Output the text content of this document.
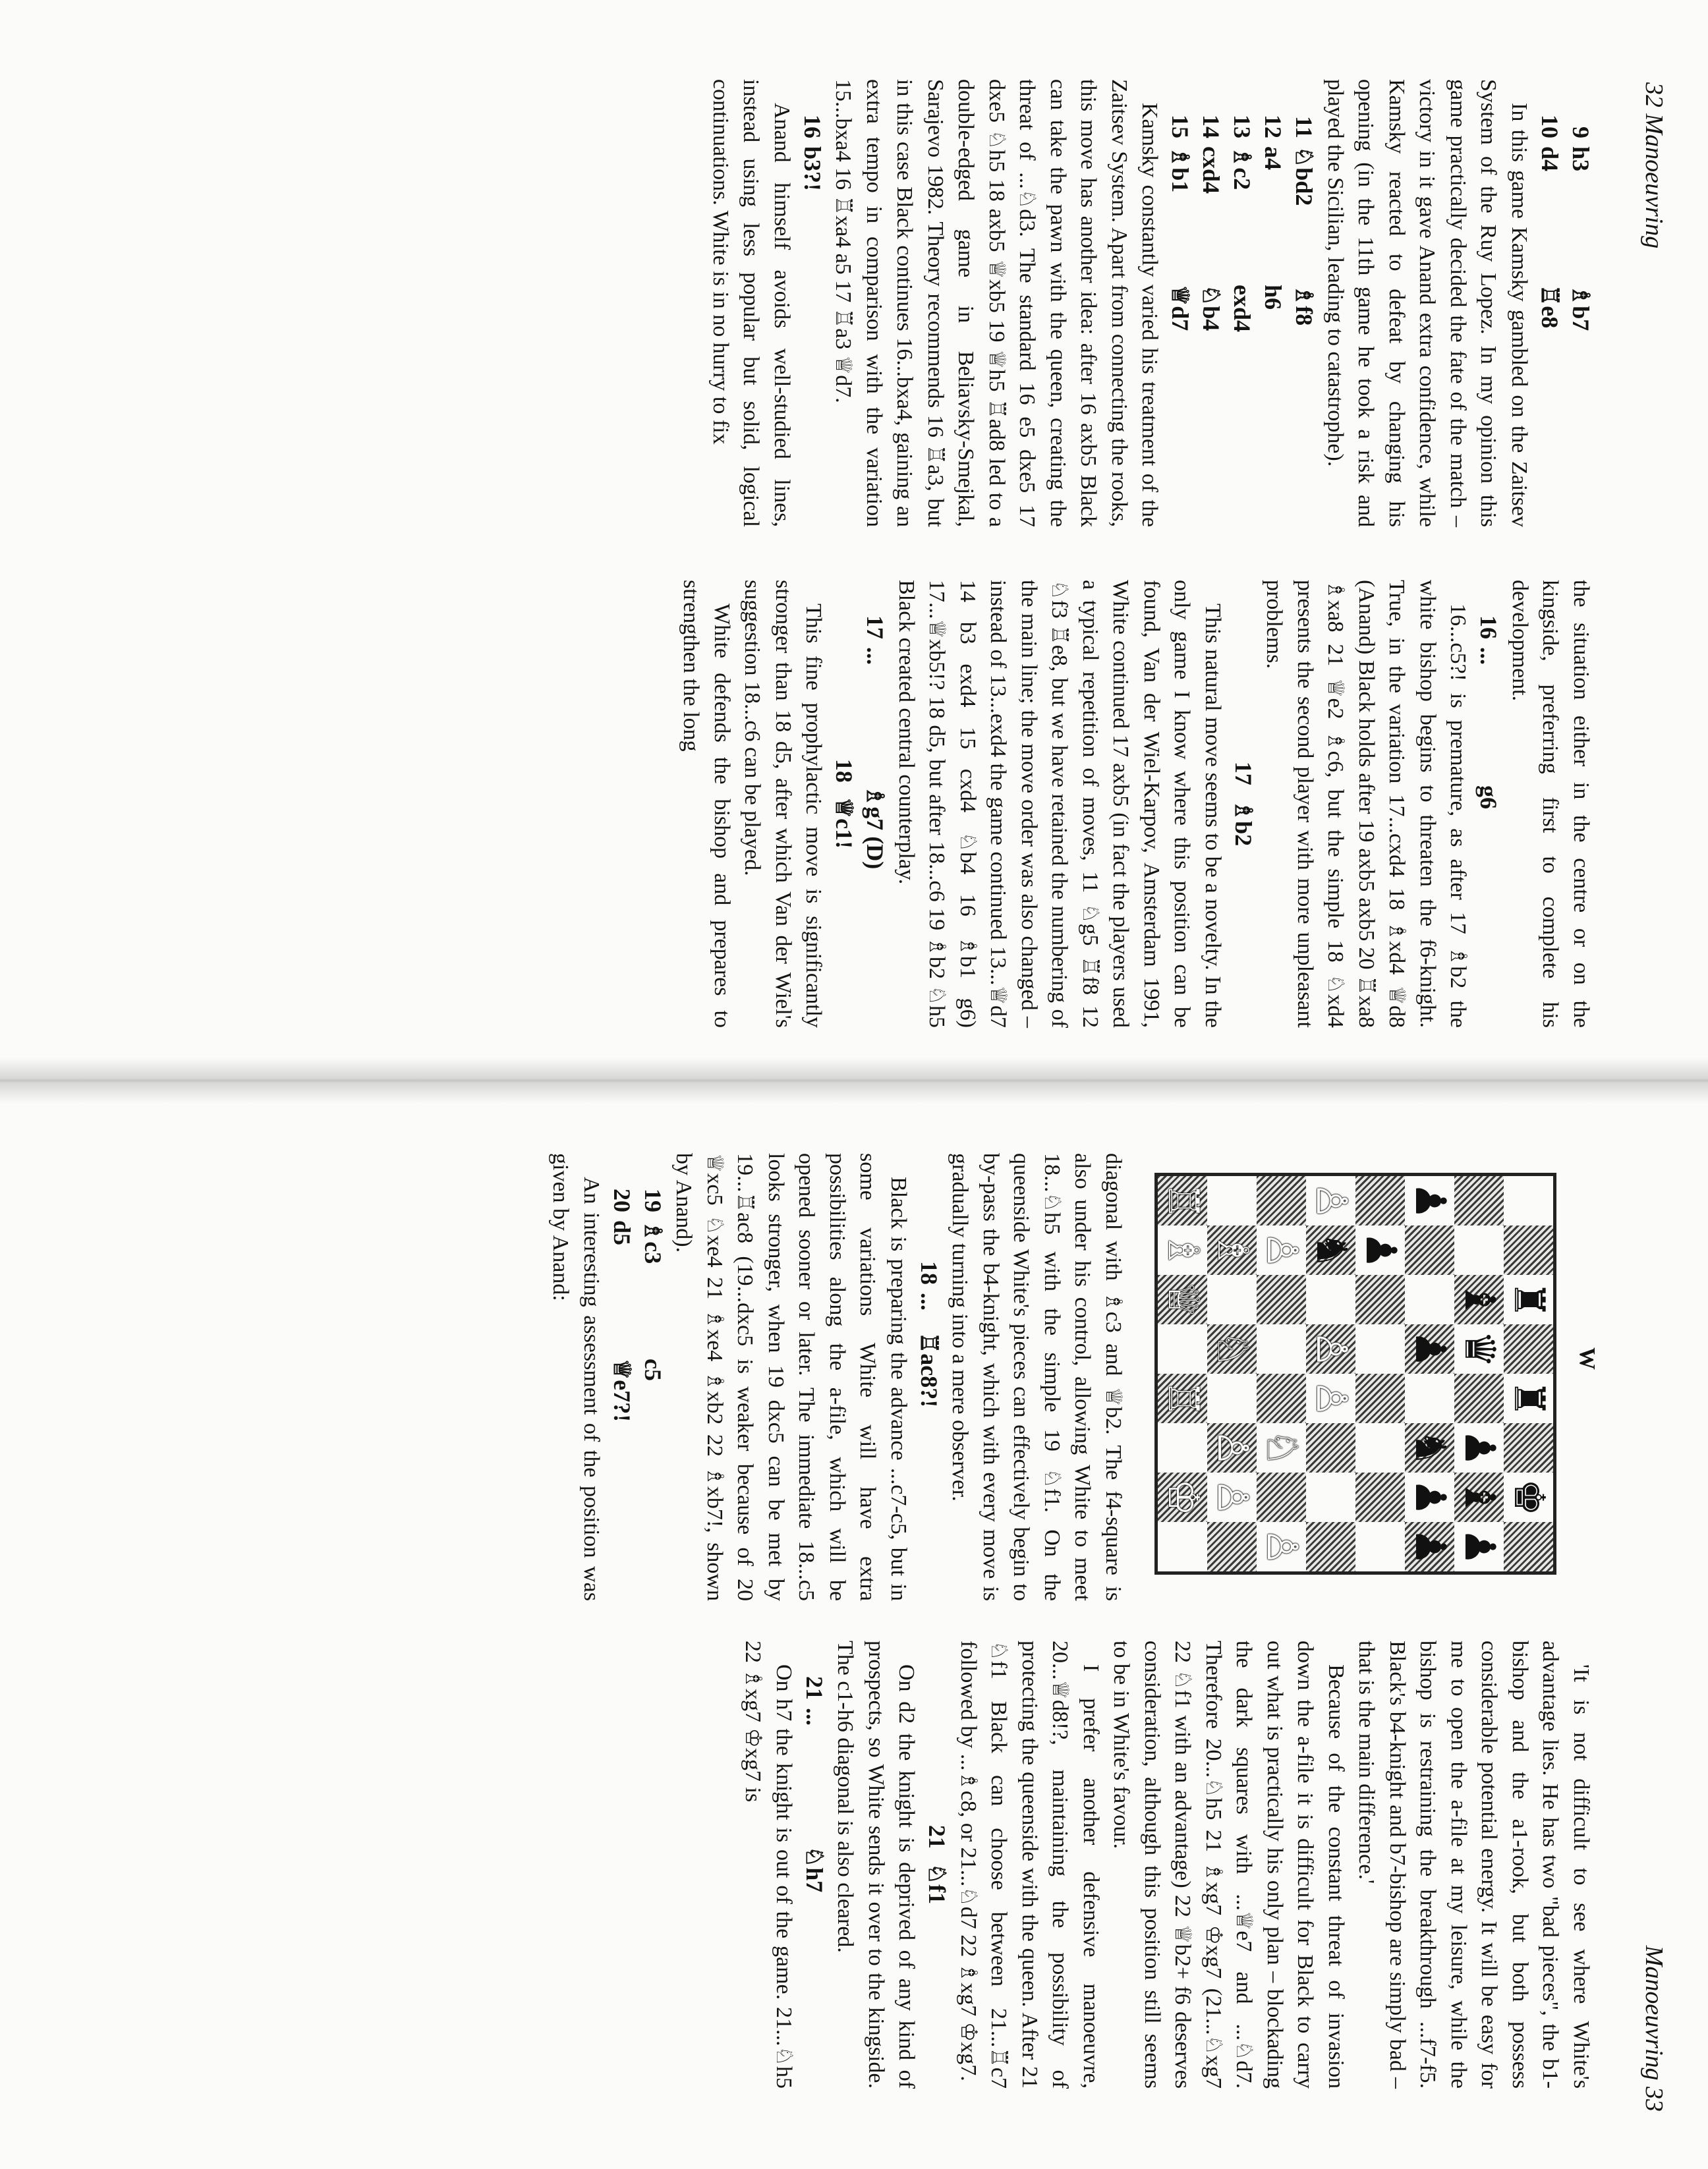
32 Manoeuvring
9
h3
♗b7
10
d4
♖e8

In this game Kamsky gambled on the Zaitsev System of the Ruy Lopez. In my opinion this game practically decided the fate of the match – victory in it gave Anand extra confidence, while Kamsky reacted to defeat by changing his opening (in the 11th game he took a risk and played the Sicilian, leading to catastrophe).

11
♘bd2
♗f8
12
a4
h6
13
♗c2
exd4
14
cxd4
♘b4
15
♗b1
♕d7

Kamsky constantly varied his treatment of the Zaitsev System. Apart from connecting the rooks, this move has another idea: after 16 axb5 Black can take the pawn with the queen, creating the threat of ...♘d3. The standard 16 e5 dxe5 17 dxe5 ♘h5 18 axb5 ♕xb5 19 ♕h5 ♖ad8 led to a double-edged game in Beliavsky-Smejkal, Sarajevo 1982. Theory recommends 16 ♖a3, but in this case Black continues 16...bxa4, gaining an extra tempo in comparison with the variation 15...bxa4 16 ♖xa4 a5 17 ♖a3 ♕d7.

16
b3?!

Anand himself avoids well-studied lines, instead using less popular but solid, logical continuations. White is in no hurry to fix

the situation either in the centre or on the kingside, preferring first to complete his development.

16
...
g6

16...c5?! is premature, as after 17 ♗b2 the white bishop begins to threaten the f6-knight. True, in the variation 17...cxd4 18 ♗xd4 ♕d8 (Anand) Black holds after 19 axb5 axb5 20 ♖xa8 ♗xa8 21 ♕e2 ♗c6, but the simple 18 ♘xd4 presents the second player with more unpleasant problems.

17
♗b2

This natural move seems to be a novelty. In the only game I know where this position can be found, Van der Wiel-Karpov, Amsterdam 1991, White continued 17 axb5 (in fact the players used a typical repetition of moves, 11 ♘g5 ♖f8 12 ♘f3 ♖e8, but we have retained the numbering of the main line; the move order was also changed – instead of 13...exd4 the game continued 13...♕d7 14 b3 exd4 15 cxd4 ♘b4 16 ♗b1 g6) 17...♕xb5!? 18 d5, but after 18...c6 19 ♗b2 ♘h5 Black created central counterplay.

17
...
♗g7 (D)
18
♕c1!

This fine prophylactic move is significantly stronger than 18 d5, after which Van der Wiel's suggestion 18...c6 can be played.

White defends the bishop and prepares to strengthen the long

Manoeuvring 33
W
♜
♜
♚
♝
♛
♟
♝
♟
♟
♟
♞
♟
♟
♟
♙
♞
♙
♙
♙
♘
♙
♗
♘
♙
♙
♖
♗
♕
♖
♔

diagonal with ♗c3 and ♕b2. The f4-square is also under his control, allowing White to meet 18...♘h5 with the simple 19 ♘f1. On the queenside White's pieces can effectively begin to by-pass the b4-knight, which with every move is gradually turning into a mere observer.

18
...
♖ac8?!

Black is preparing the advance ...c7-c5, but in some variations White will have extra possibilities along the a-file, which will be opened sooner or later. The immediate 18...c5 looks stronger, when 19 dxc5 can be met by 19...♖ac8 (19...dxc5 is weaker because of 20 ♕xc5 ♘xe4 21 ♗xe4 ♗xb2 22 ♗xb7!, shown by Anand).

19
♗c3
c5
20
d5
♕e7?!

An interesting assessment of the position was given by Anand:

'It is not difficult to see where White's advantage lies. He has two "bad pieces", the b1-bishop and the a1-rook, but both possess considerable potential energy. It will be easy for me to open the a-file at my leisure, while the bishop is restraining the breakthrough ...f7-f5. Black's b4-knight and b7-bishop are simply bad – that is the main difference.'

Because of the constant threat of invasion down the a-file it is difficult for Black to carry out what is practically his only plan – blockading the dark squares with ...♕e7 and ...♘d7. Therefore 20...♘h5 21 ♗xg7 ♔xg7 (21...♘xg7 22 ♘f1 with an advantage) 22 ♕b2+ f6 deserves consideration, although this position still seems to be in White's favour.

I prefer another defensive manoeuvre, 20...♕d8!?, maintaining the possibility of protecting the queenside with the queen. After 21 ♘f1 Black can choose between 21...♖c7 followed by ...♗c8, or 21...♘d7 22 ♗xg7 ♔xg7.

21
♘f1

On d2 the knight is deprived of any kind of prospects, so White sends it over to the kingside. The c1-h6 diagonal is also cleared.

21
...
♘h7

On h7 the knight is out of the game. 21...♘h5 22 ♗xg7 ♔xg7 is
